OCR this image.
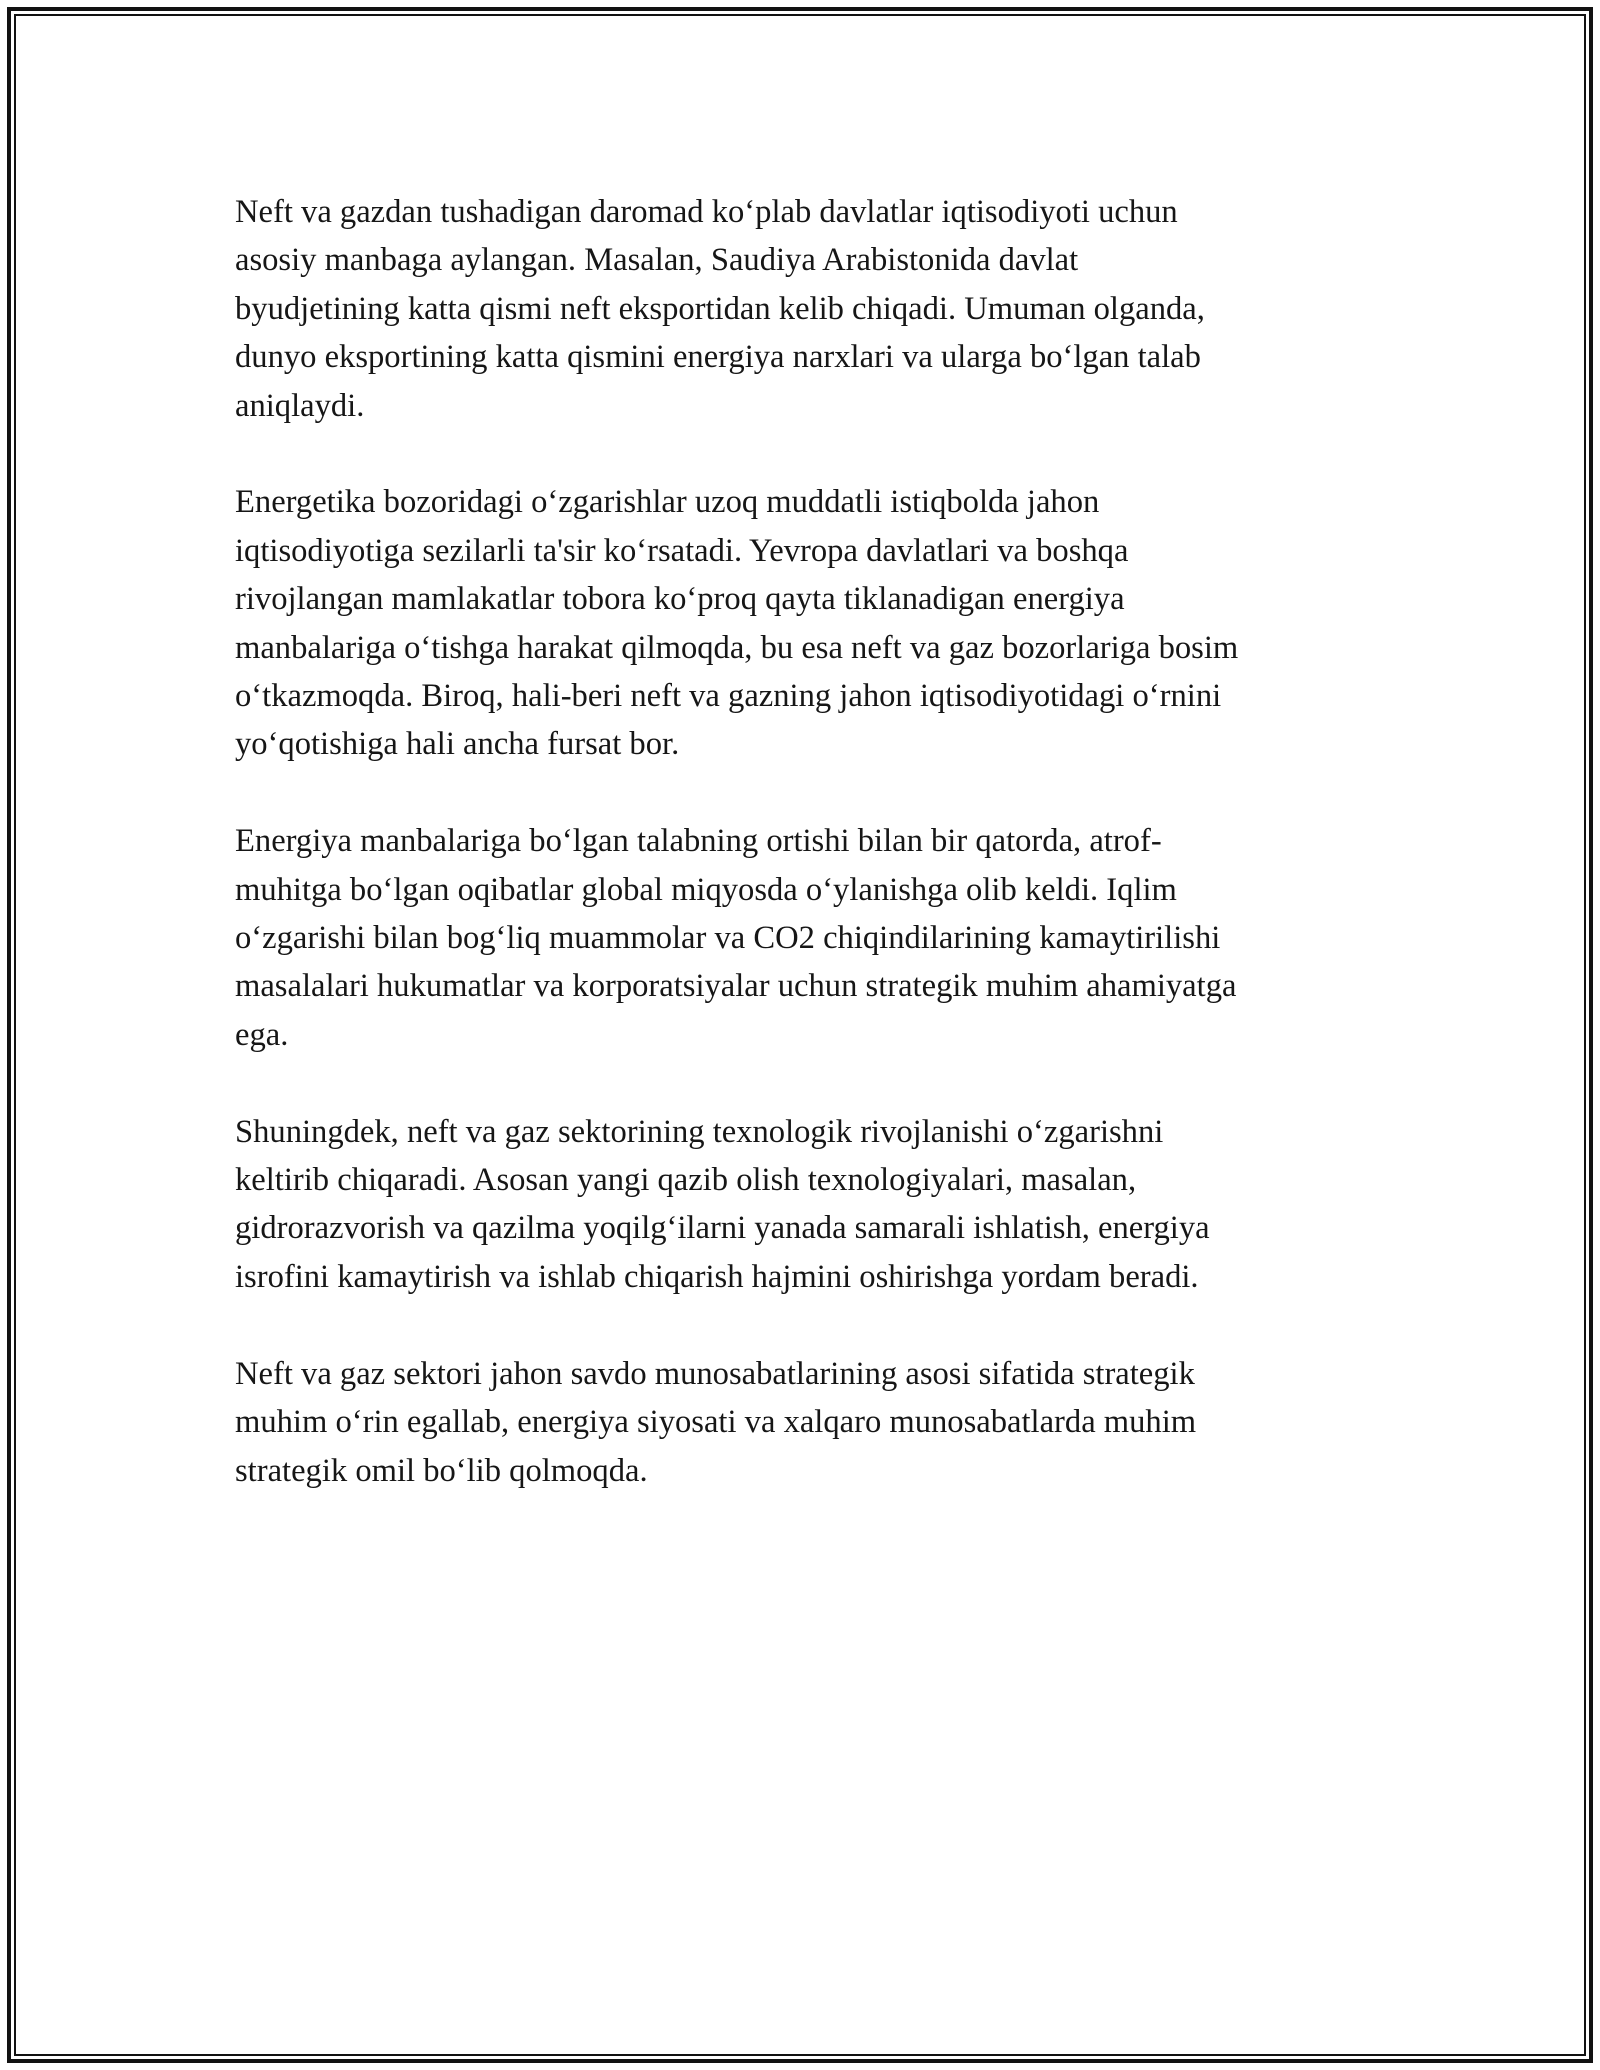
Neft va gazdan tushadigan daromad ko‘plab davlatlar iqtisodiyoti uchun
asosiy manbaga aylangan. Masalan, Saudiya Arabistonida davlat
byudjetining katta qismi neft eksportidan kelib chiqadi. Umuman olganda,
dunyo eksportining katta qismini energiya narxlari va ularga bo‘lgan talab
aniqlaydi.

Energetika bozoridagi o‘zgarishlar uzoq muddatli istiqbolda jahon
iqtisodiyotiga sezilarli ta'sir ko‘rsatadi. Yevropa davlatlari va boshqa
rivojlangan mamlakatlar tobora ko‘proq qayta tiklanadigan energiya
manbalariga o‘tishga harakat qilmoqda, bu esa neft va gaz bozorlariga bosim
o‘tkazmoqda. Biroq, hali-beri neft va gazning jahon iqtisodiyotidagi o‘rnini
yo‘qotishiga hali ancha fursat bor.

Energiya manbalariga bo‘lgan talabning ortishi bilan bir qatorda, atrof-
muhitga bo‘lgan oqibatlar global miqyosda o‘ylanishga olib keldi. Iqlim
o‘zgarishi bilan bog‘liq muammolar va CO2 chiqindilarining kamaytirilishi
masalalari hukumatlar va korporatsiyalar uchun strategik muhim ahamiyatga
ega.

Shuningdek, neft va gaz sektorining texnologik rivojlanishi o‘zgarishni
keltirib chiqaradi. Asosan yangi qazib olish texnologiyalari, masalan,
gidrorazvorish va qazilma yoqilg‘ilarni yanada samarali ishlatish, energiya
isrofini kamaytirish va ishlab chiqarish hajmini oshirishga yordam beradi.

Neft va gaz sektori jahon savdo munosabatlarining asosi sifatida strategik
muhim o‘rin egallab, energiya siyosati va xalqaro munosabatlarda muhim
strategik omil bo‘lib qolmoqda.
